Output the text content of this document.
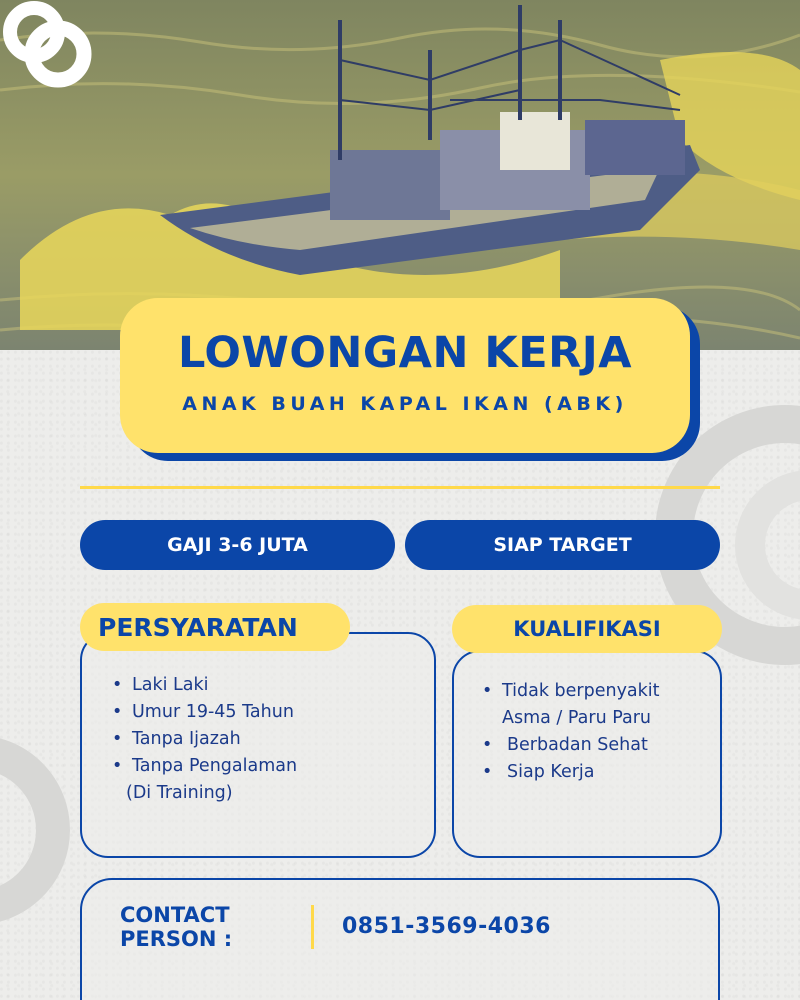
LOWONGAN KERJA
ANAK BUAH KAPAL IKAN (ABK)
GAJI 3-6 JUTA	SIAP TARGET
PERSYARATAN
• Laki Laki
• Umur 19-45 Tahun
• Tanpa Ijazah
• Tanpa Pengalaman
(Di Training)
KUALIFIKASI
• Tidak berpenyakit
Asma / Paru Paru
• Berbadan Sehat
• Siap Kerja
CONTACT
PERSON :	0851-3569-4036
